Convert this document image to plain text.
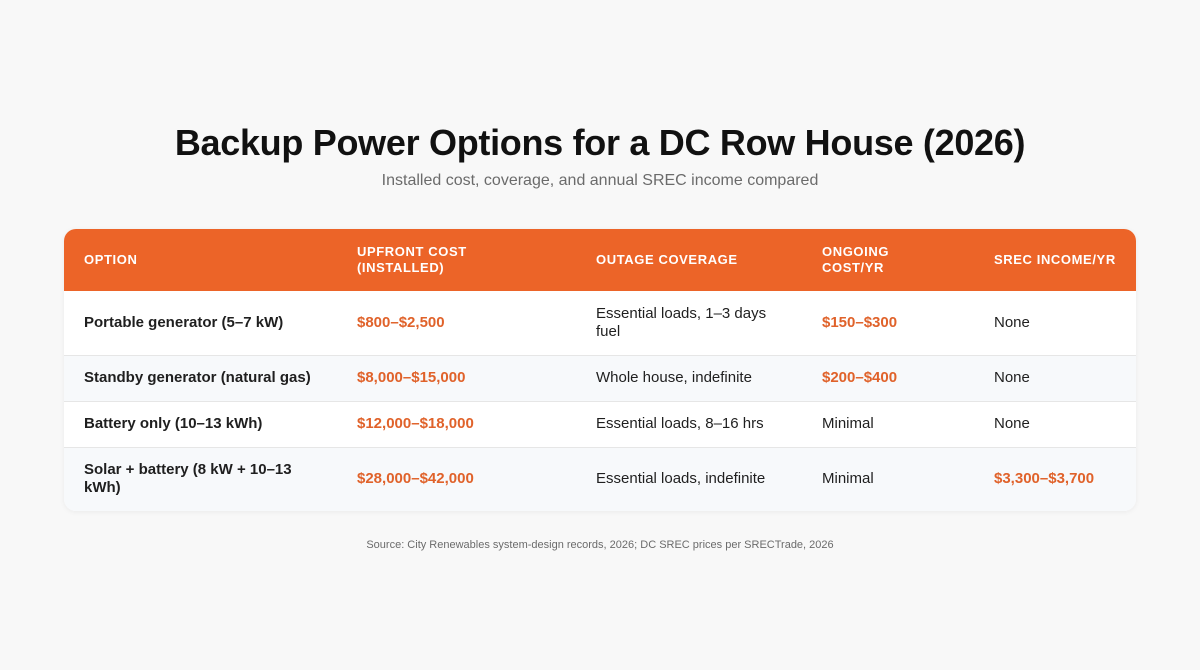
Backup Power Options for a DC Row House (2026)

Installed cost, coverage, and annual SREC income compared

OPTION	UPFRONT COST (INSTALLED)	OUTAGE COVERAGE	ONGOING COST/YR	SREC INCOME/YR
Portable generator (5–7 kW)	$800–$2,500	Essential loads, 1–3 days fuel	$150–$300	None
Standby generator (natural gas)	$8,000–$15,000	Whole house, indefinite	$200–$400	None
Battery only (10–13 kWh)	$12,000–$18,000	Essential loads, 8–16 hrs	Minimal	None
Solar + battery (8 kW + 10–13 kWh)	$28,000–$42,000	Essential loads, indefinite	Minimal	$3,300–$3,700

Source: City Renewables system-design records, 2026; DC SREC prices per SRECTrade, 2026
